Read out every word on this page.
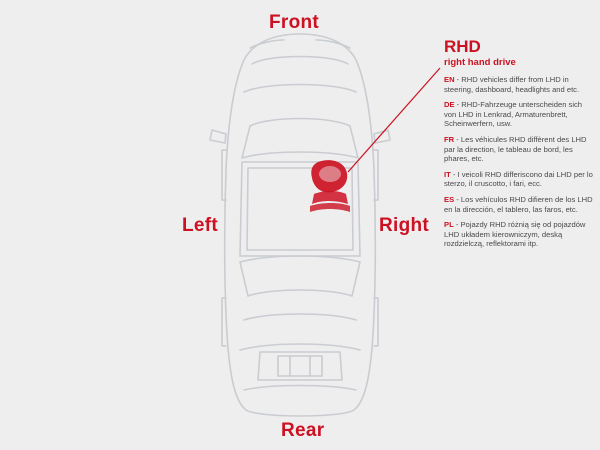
Front
Rear
Left	Right
RHD
right hand drive
EN - RHD vehicles differ from LHD in steering, dashboard, headlights and etc.
DE - RHD-Fahrzeuge unterscheiden sich von LHD in Lenkrad, Armaturenbrett, Scheinwerfern, usw.
FR - Les véhicules RHD diffèrent des LHD par la direction, le tableau de bord, les phares, etc.
IT - I veicoli RHD differiscono dai LHD per lo sterzo, il cruscotto, i fari, ecc.
ES - Los vehículos RHD difieren de los LHD en la dirección, el tablero, las faros, etc.
PL - Pojazdy RHD różnią się od pojazdów LHD układem kierowniczym, deską rozdzielczą, reflektorami itp.
